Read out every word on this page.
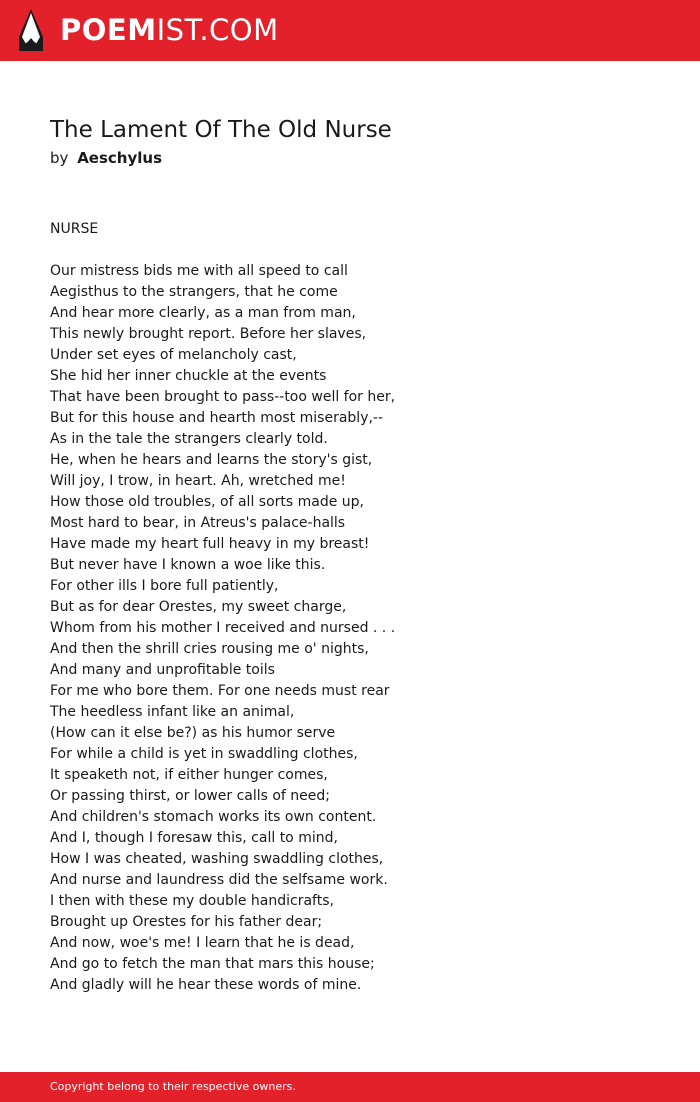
POEMIST.COM
The Lament Of The Old Nurse
by Aeschylus
NURSE
Our mistress bids me with all speed to call
Aegisthus to the strangers, that he come
And hear more clearly, as a man from man,
This newly brought report. Before her slaves,
Under set eyes of melancholy cast,
She hid her inner chuckle at the events
That have been brought to pass--too well for her,
But for this house and hearth most miserably,--
As in the tale the strangers clearly told.
He, when he hears and learns the story's gist,
Will joy, I trow, in heart. Ah, wretched me!
How those old troubles, of all sorts made up,
Most hard to bear, in Atreus's palace-halls
Have made my heart full heavy in my breast!
But never have I known a woe like this.
For other ills I bore full patiently,
But as for dear Orestes, my sweet charge,
Whom from his mother I received and nursed . . .
And then the shrill cries rousing me o' nights,
And many and unprofitable toils
For me who bore them. For one needs must rear
The heedless infant like an animal,
(How can it else be?) as his humor serve
For while a child is yet in swaddling clothes,
It speaketh not, if either hunger comes,
Or passing thirst, or lower calls of need;
And children's stomach works its own content.
And I, though I foresaw this, call to mind,
How I was cheated, washing swaddling clothes,
And nurse and laundress did the selfsame work.
I then with these my double handicrafts,
Brought up Orestes for his father dear;
And now, woe's me! I learn that he is dead,
And go to fetch the man that mars this house;
And gladly will he hear these words of mine.
Copyright belong to their respective owners.
